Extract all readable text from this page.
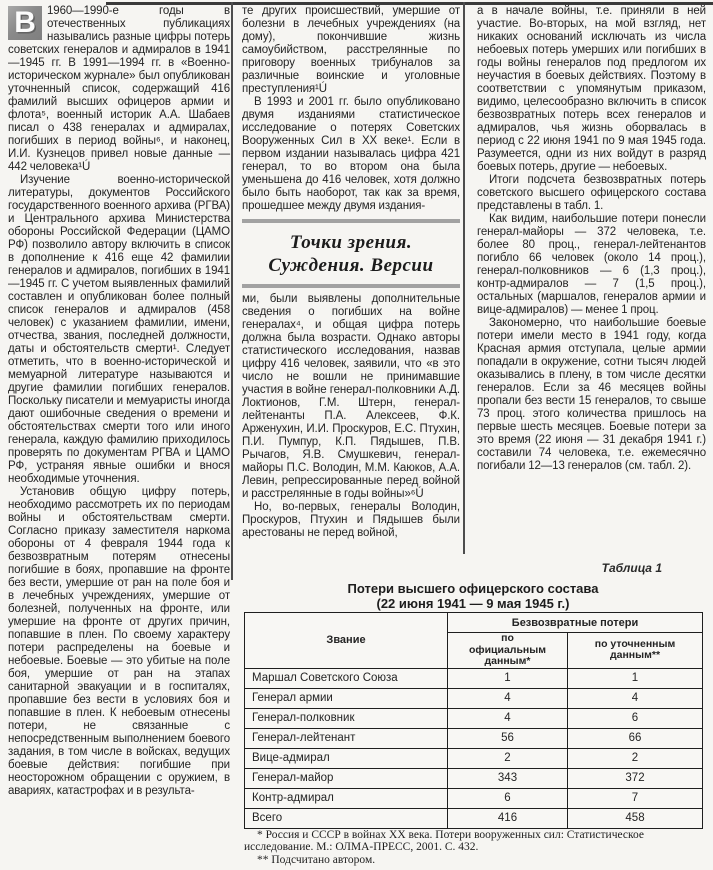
В 1960—1990-е годы в отечественных публикациях назывались разные цифры потерь советских генералов и адмиралов в 1941—1945 гг. В 1991—1994 гг. в «Военно-историческом журнале» был опубликован уточненный список, содержащий 416 фамилий высших офицеров армии и флота⁵, военный историк А.А. Шабаев писал о 438 генералах и адмиралах, погибших в период войны⁶, и наконец, И.И. Кузнецов привел новые данные — 442 человека¹Ú

Изучение военно-исторической литературы, документов Российского государственного военного архива (РГВА) и Центрального архива Министерства обороны Российской Федерации (ЦАМО РФ) позволило автору включить в список в дополнение к 416 еще 42 фамилии генералов и адмиралов, погибших в 1941—1945 гг. С учетом выявленных фамилий составлен и опубликован более полный список генералов и адмиралов (458 человек) с указанием фамилии, имени, отчества, звания, последней должности, даты и обстоятельств смерти¹. Следует отметить, что в военно-исторической и мемуарной литературе называются и другие фамилии погибших генералов. Поскольку писатели и мемуаристы иногда дают ошибочные сведения о времени и обстоятельствах смерти того или иного генерала, каждую фамилию приходилось проверять по документам РГВА и ЦАМО РФ, устраняя явные ошибки и внося необходимые уточнения.

Установив общую цифру потерь, необходимо рассмотреть их по периодам войны и обстоятельствам смерти. Согласно приказу заместителя наркома обороны от 4 февраля 1944 года к безвозвратным потерям отнесены погибшие в боях, пропавшие на фронте без вести, умершие от ран на поле боя и в лечебных учреждениях, умершие от болезней, полученных на фронте, или умершие на фронте от других причин, попавшие в плен. По своему характеру потери распределены на боевые и небоевые. Боевые — это убитые на поле боя, умершие от ран на этапах санитарной эвакуации и в госпиталях, пропавшие без вести в условиях боя и попавшие в плен. К небоевым отнесены потери, не связанные с непосредственным выполнением боевого задания, в том числе в войсках, ведущих боевые действия: погибшие при неосторожном обращении с оружием, в авариях, катастрофах и в результа-

те других происшествий, умершие от болезни в лечебных учреждениях (на дому), покончившие жизнь самоубийством, расстрелянные по приговору военных трибуналов за различные воинские и уголовные преступления¹Ú

В 1993 и 2001 гг. было опубликовано двумя изданиями статистическое исследование о потерях Советских Вооруженных Сил в XX веке¹. Если в первом издании называлась цифра 421 генерал, то во втором она была уменьшена до 416 человек, хотя должно было быть наоборот, так как за время, прошедшее между двумя издания-

Точки зрения.
Суждения. Версии

ми, были выявлены дополнительные сведения о погибших на войне генералах⁴, и общая цифра потерь должна была возрасти. Однако авторы статистического исследования, назвав цифру 416 человек, заявили, что «в это число не вошли не принимавшие участия в войне генерал-полковники А.Д. Локтионов, Г.М. Штерн, генерал-лейтенанты П.А. Алексеев, Ф.К. Арженухин, И.И. Проскуров, Е.С. Птухин, П.И. Пумпур, К.П. Пядышев, П.В. Рычагов, Я.В. Смушкевич, генерал-майоры П.С. Володин, М.М. Каюков, А.А. Левин, репрессированные перед войной и расстрелянные в годы войны»⁶Ú

Но, во-первых, генералы Володин, Проскуров, Птухин и Пядышев были арестованы не перед войной,

а в начале войны, т.е. приняли в ней участие. Во-вторых, на мой взгляд, нет никаких оснований исключать из числа небоевых потерь умерших или погибших в годы войны генералов под предлогом их неучастия в боевых действиях. Поэтому в соответствии с упомянутым приказом, видимо, целесообразно включить в список безвозвратных потерь всех генералов и адмиралов, чья жизнь оборвалась в период с 22 июня 1941 по 9 мая 1945 года. Разумеется, одни из них войдут в разряд боевых потерь, другие — небоевых.

Итоги подсчета безвозвратных потерь советского высшего офицерского состава представлены в табл. 1.

Как видим, наибольшие потери понесли генерал-майоры — 372 человека, т.е. более 80 проц., генерал-лейтенантов погибло 66 человек (около 14 проц.), генерал-полковников — 6 (1,3 проц.), контр-адмиралов — 7 (1,5 проц.), остальных (маршалов, генералов армии и вице-адмиралов) — менее 1 проц.

Закономерно, что наибольшие боевые потери имели место в 1941 году, когда Красная армия отступала, целые армии попадали в окружение, сотни тысяч людей оказывались в плену, в том числе десятки генералов. Если за 46 месяцев войны пропали без вести 15 генералов, то свыше 73 проц. этого количества пришлось на первые шесть месяцев. Боевые потери за это время (22 июня — 31 декабря 1941 г.) составили 74 человека, т.е. ежемесячно погибали 12—13 генералов (см. табл. 2).

Таблица 1
Потери высшего офицерского состава
(22 июня 1941 — 9 мая 1945 г.)
Звание	Безвозвратные потери	
	по официальным данным*	по уточненным данным**
Маршал Советского Союза	1	1
Генерал армии	4	4
Генерал-полковник	4	6
Генерал-лейтенант	56	66
Вице-адмирал	2	2
Генерал-майор	343	372
Контр-адмирал	6	7
Всего	416	458

* Россия и СССР в войнах XX века. Потери вооруженных сил: Статистическое исследование. М.: ОЛМА-ПРЕСС, 2001. С. 432.

** Подсчитано автором.
